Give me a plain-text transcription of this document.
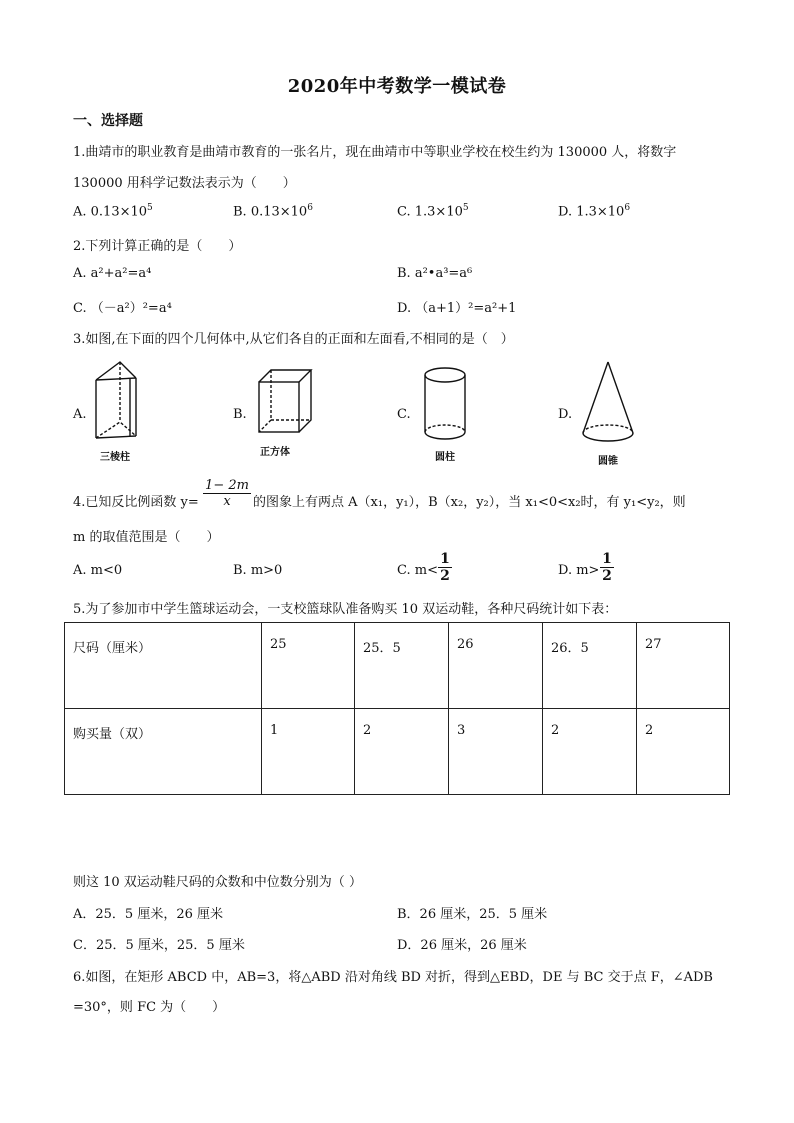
2020年中考数学一模试卷
一、选择题
1.曲靖市的职业教育是曲靖市教育的一张名片，现在曲靖市中等职业学校在校生约为 130000 人，将数字
130000 用科学记数法表示为（　　）
A. $0.13\times 10^5$	B. $0.13\times 10^6$	C. $1.3\times 10^5$	D. $1.3\times 10^6$
2.下列计算正确的是（　　）
A. a²+a²=a⁴	B. a²•a³=a⁶
C. （－a²）²=a⁴	D. （a+1）²=a²+1
3.如图,在下面的四个几何体中,从它们各自的正面和左面看,不相同的是（　）
A.
三棱柱
B.
正方体
C.
圆柱
D.
圆锥
4.已知反比例函数 $y= \frac{1- 2m}{x}$ 的图象上有两点 A（x₁，y₁），B（x₂，y₂），当 x₁<0<x₂时，有 y₁<y₂，则
m 的取值范围是（　　）
A. m<0	B. m>0	C. $m< \frac{1}{2}$	D. $m> \frac{1}{2}$
5.为了参加市中学生篮球运动会，一支校篮球队准备购买 10 双运动鞋，各种尺码统计如下表：
尺码（厘米）	25	25．5	26	26．5	27
购买量（双）	1	2	3	2	2
则这 10 双运动鞋尺码的众数和中位数分别为（ ）
A．25．5 厘米，26 厘米	B．26 厘米，25．5 厘米
C．25．5 厘米，25．5 厘米	D．26 厘米，26 厘米
6.如图，在矩形 ABCD 中，AB=3，将△ABD 沿对角线 BD 对折，得到△EBD，DE 与 BC 交于点 F，∠ADB
=30°，则 FC 为（　　）
